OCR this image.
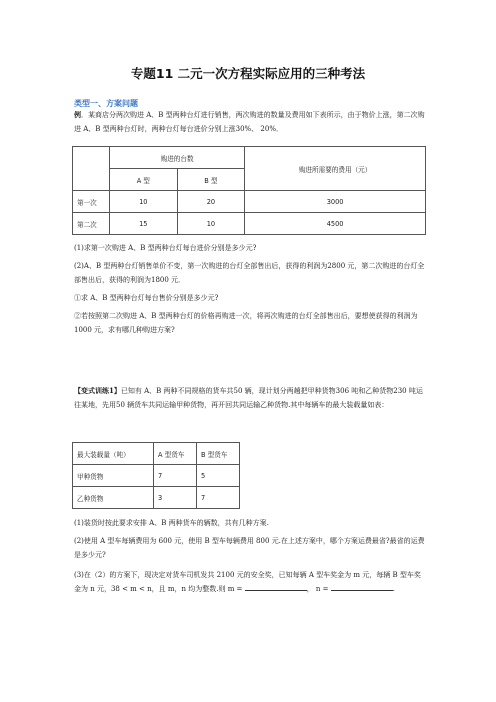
专题11 二元一次方程实际应用的三种考法
类型一、方案问题

例．某商店分两次购进 A、B 型两种台灯进行销售，两次购进的数量及费用如下表所示，由于物价上涨，第二次购进 A、B 型两种台灯时，两种台灯每台进价分别上涨30%、 20%．

	购进的台数		购进所需要的费用（元）
	A 型	B 型	
第一次	10	20	3000
第二次	15	10	4500

(1)求第一次购进 A、B 型两种台灯每台进价分别是多少元?

(2)A、B 型两种台灯销售单价不变，第一次购进的台灯全部售出后，获得的利润为2800 元，第二次购进的台灯全部售出后，获得的利润为1800 元．

①求 A、B 型两种台灯每台售价分别是多少元?

②若按照第二次购进 A、B 型两种台灯的价格再购进一次，将再次购进的台灯全部售出后，要想使获得的利润为1000 元，求有哪几种购进方案?

【变式训练1】已知有 A、B 两种不同规格的货车共50 辆，现计划分两趟把甲种货物306 吨和乙种货物230 吨运往某地，先用50 辆货车共同运输甲种货物，再开回共同运输乙种货物.其中每辆车的最大装载量如表：

最大装载量（吨）	A 型货车	B 型货车
甲种货物	7	5
乙种货物	3	7

(1)装货时按此要求安排 A、B 两种货车的辆数，共有几种方案.

(2)使用 A 型车每辆费用为 600 元，使用 B 型车每辆费用 800 元.在上述方案中，哪个方案运费最省?最省的运费是多少元?

(3)在（2）的方案下，现决定对货车司机发共 2100 元的安全奖，已知每辆 A 型车奖金为 m 元，每辆 B 型车奖金为 n 元，38 < m < n，且 m，n 均为整数.则 m =	， n =	.
